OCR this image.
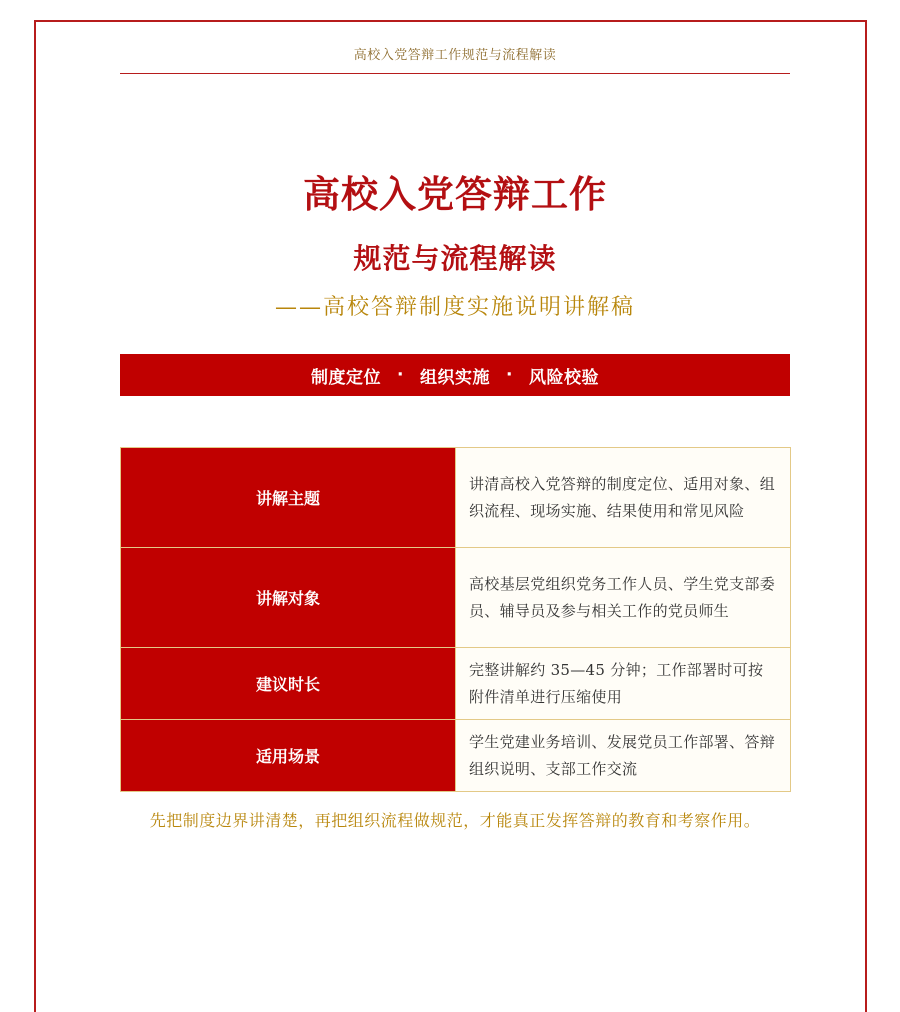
高校入党答辩工作规范与流程解读
高校入党答辩工作
规范与流程解读
——高校答辩制度实施说明讲解稿
制度定位 · 组织实施 · 风险校验
讲解主题	讲清高校入党答辩的制度定位、适用对象、组织流程、现场实施、结果使用和常见风险
讲解对象	高校基层党组织党务工作人员、学生党支部委员、辅导员及参与相关工作的党员师生
建议时长	完整讲解约 35—45 分钟；工作部署时可按附件清单进行压缩使用
适用场景	学生党建业务培训、发展党员工作部署、答辩组织说明、支部工作交流

先把制度边界讲清楚，再把组织流程做规范，才能真正发挥答辩的教育和考察作用。
